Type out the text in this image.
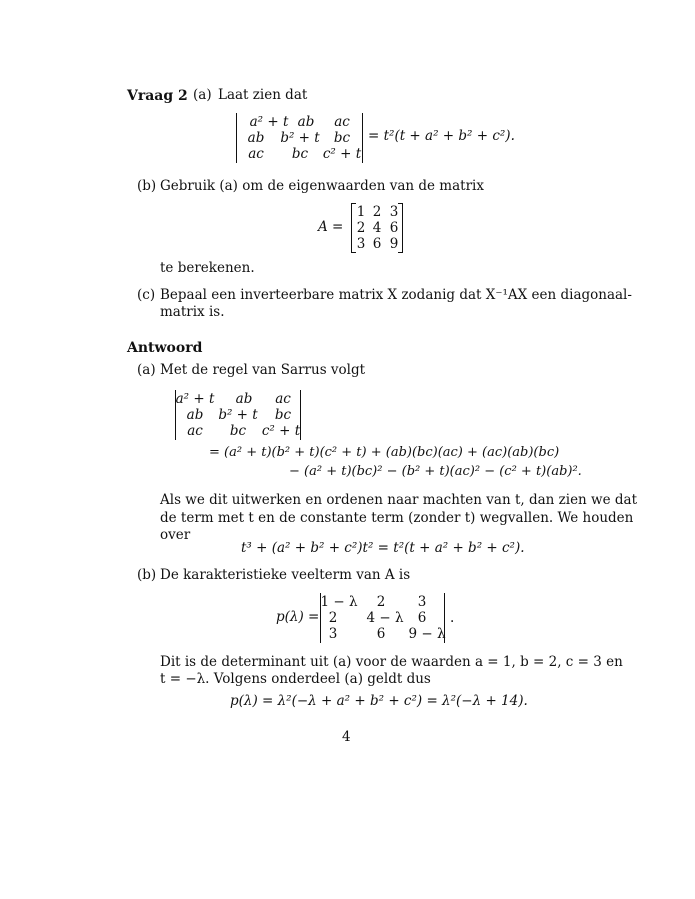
Vraag 2 (a) Laat zien dat
a² + t ab ac
ab b² + t bc
ac bc c² + t
= t²(t + a² + b² + c²).
(b) Gebruik (a) om de eigenwaarden van de matrix
A =
1 2 3
2 4 6
3 6 9
te berekenen.
(c) Bepaal een inverteerbare matrix X zodanig dat X⁻¹AX een diagonaal-
matrix is.
Antwoord
(a) Met de regel van Sarrus volgt
a² + t ab ac
ab b² + t bc
ac bc c² + t
= (a² + t)(b² + t)(c² + t) + (ab)(bc)(ac) + (ac)(ab)(bc)
− (a² + t)(bc)² − (b² + t)(ac)² − (c² + t)(ab)².
Als we dit uitwerken en ordenen naar machten van t, dan zien we dat
de term met t en de constante term (zonder t) wegvallen. We houden
over
t³ + (a² + b² + c²)t² = t²(t + a² + b² + c²).
(b) De karakteristieke veelterm van A is
p(λ) =
1 − λ 2 3
2 4 − λ 6
3	6 9 − λ
.
Dit is de determinant uit (a) voor de waarden a = 1, b = 2, c = 3 en
t = −λ. Volgens onderdeel (a) geldt dus
p(λ) = λ²(−λ + a² + b² + c²) = λ²(−λ + 14).
4
